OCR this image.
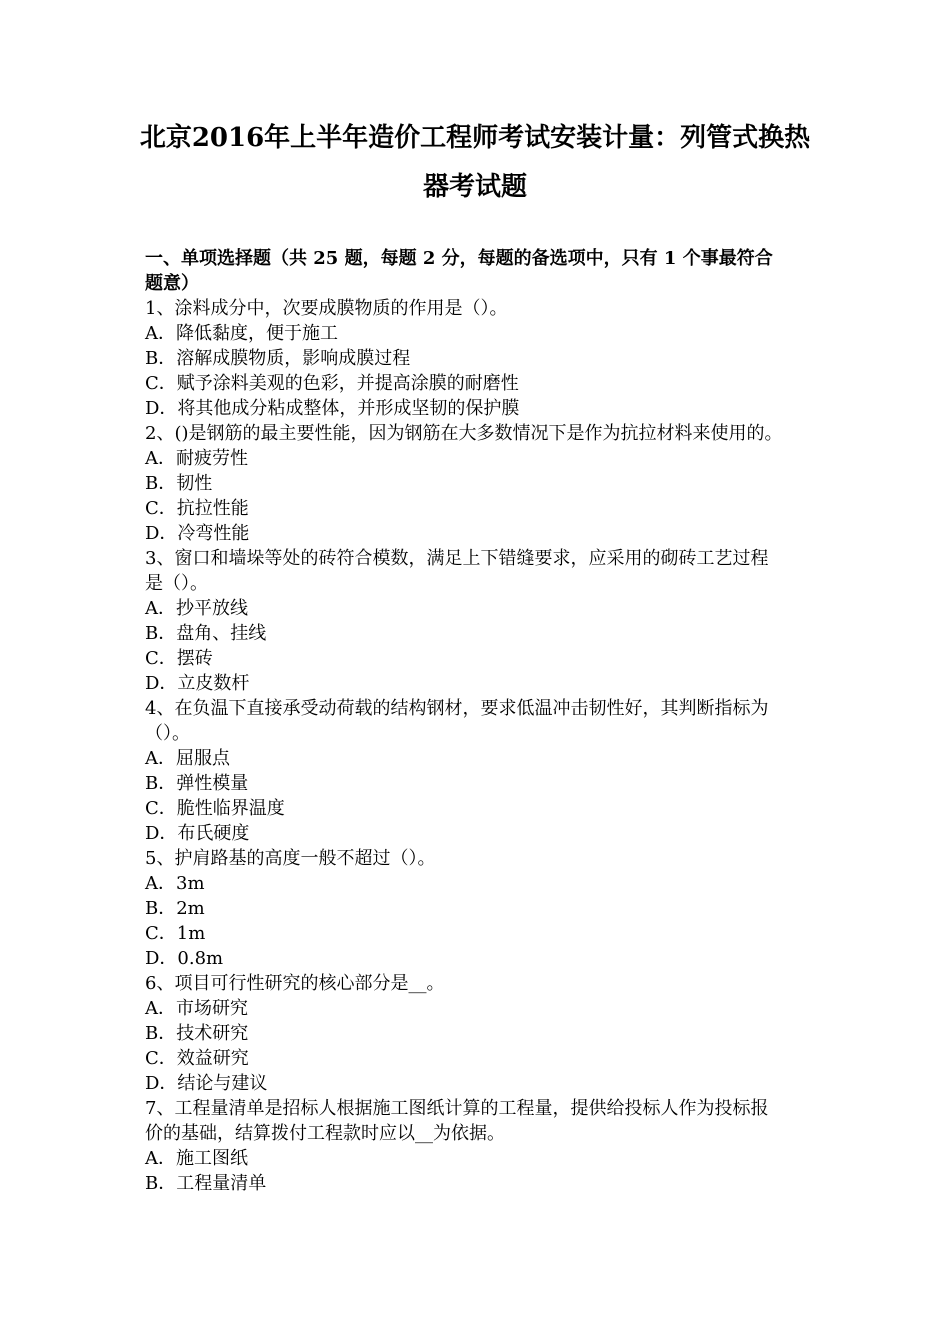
北京2016年上半年造价工程师考试安装计量：列管式换热
器考试题
一、单项选择题（共 25 题，每题 2 分，每题的备选项中，只有 1 个事最符合
题意）
1、涂料成分中，次要成膜物质的作用是（）。
A．降低黏度，便于施工
B．溶解成膜物质，影响成膜过程
C．赋予涂料美观的色彩，并提高涂膜的耐磨性
D．将其他成分粘成整体，并形成坚韧的保护膜
2、()是钢筋的最主要性能，因为钢筋在大多数情况下是作为抗拉材料来使用的。
A．耐疲劳性
B．韧性
C．抗拉性能
D．冷弯性能
3、窗口和墙垛等处的砖符合模数，满足上下错缝要求，应采用的砌砖工艺过程
是（）。
A．抄平放线
B．盘角、挂线
C．摆砖
D．立皮数杆
4、在负温下直接承受动荷载的结构钢材，要求低温冲击韧性好，其判断指标为
（）。
A．屈服点
B．弹性模量
C．脆性临界温度
D．布氏硬度
5、护肩路基的高度一般不超过（）。
A．3m
B．2m
C．1m
D．0.8m
6、项目可行性研究的核心部分是__。
A．市场研究
B．技术研究
C．效益研究
D．结论与建议
7、工程量清单是招标人根据施工图纸计算的工程量，提供给投标人作为投标报
价的基础，结算拨付工程款时应以__为依据。
A．施工图纸
B．工程量清单
